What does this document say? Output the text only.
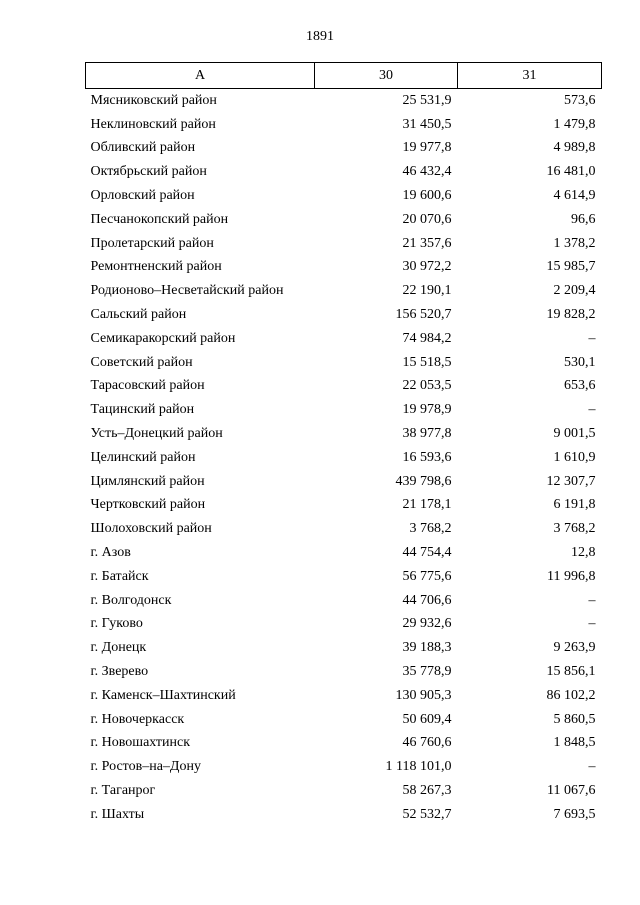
1891
А	30	31
Мясниковский район	25 531,9	573,6
Неклиновский район	31 450,5	1 479,8
Обливский район	19 977,8	4 989,8
Октябрьский район	46 432,4	16 481,0
Орловский район	19 600,6	4 614,9
Песчанокопский район	20 070,6	96,6
Пролетарский район	21 357,6	1 378,2
Ремонтненский район	30 972,2	15 985,7
Родионово–Несветайский район	22 190,1	2 209,4
Сальский район	156 520,7	19 828,2
Семикаракорский район	74 984,2	–
Советский район	15 518,5	530,1
Тарасовский район	22 053,5	653,6
Тацинский район	19 978,9	–
Усть–Донецкий район	38 977,8	9 001,5
Целинский район	16 593,6	1 610,9
Цимлянский район	439 798,6	12 307,7
Чертковский район	21 178,1	6 191,8
Шолоховский район	3 768,2	3 768,2
г. Азов	44 754,4	12,8
г. Батайск	56 775,6	11 996,8
г. Волгодонск	44 706,6	–
г. Гуково	29 932,6	–
г. Донецк	39 188,3	9 263,9
г. Зверево	35 778,9	15 856,1
г. Каменск–Шахтинский	130 905,3	86 102,2
г. Новочеркасск	50 609,4	5 860,5
г. Новошахтинск	46 760,6	1 848,5
г. Ростов–на–Дону	1 118 101,0	–
г. Таганрог	58 267,3	11 067,6
г. Шахты	52 532,7	7 693,5
